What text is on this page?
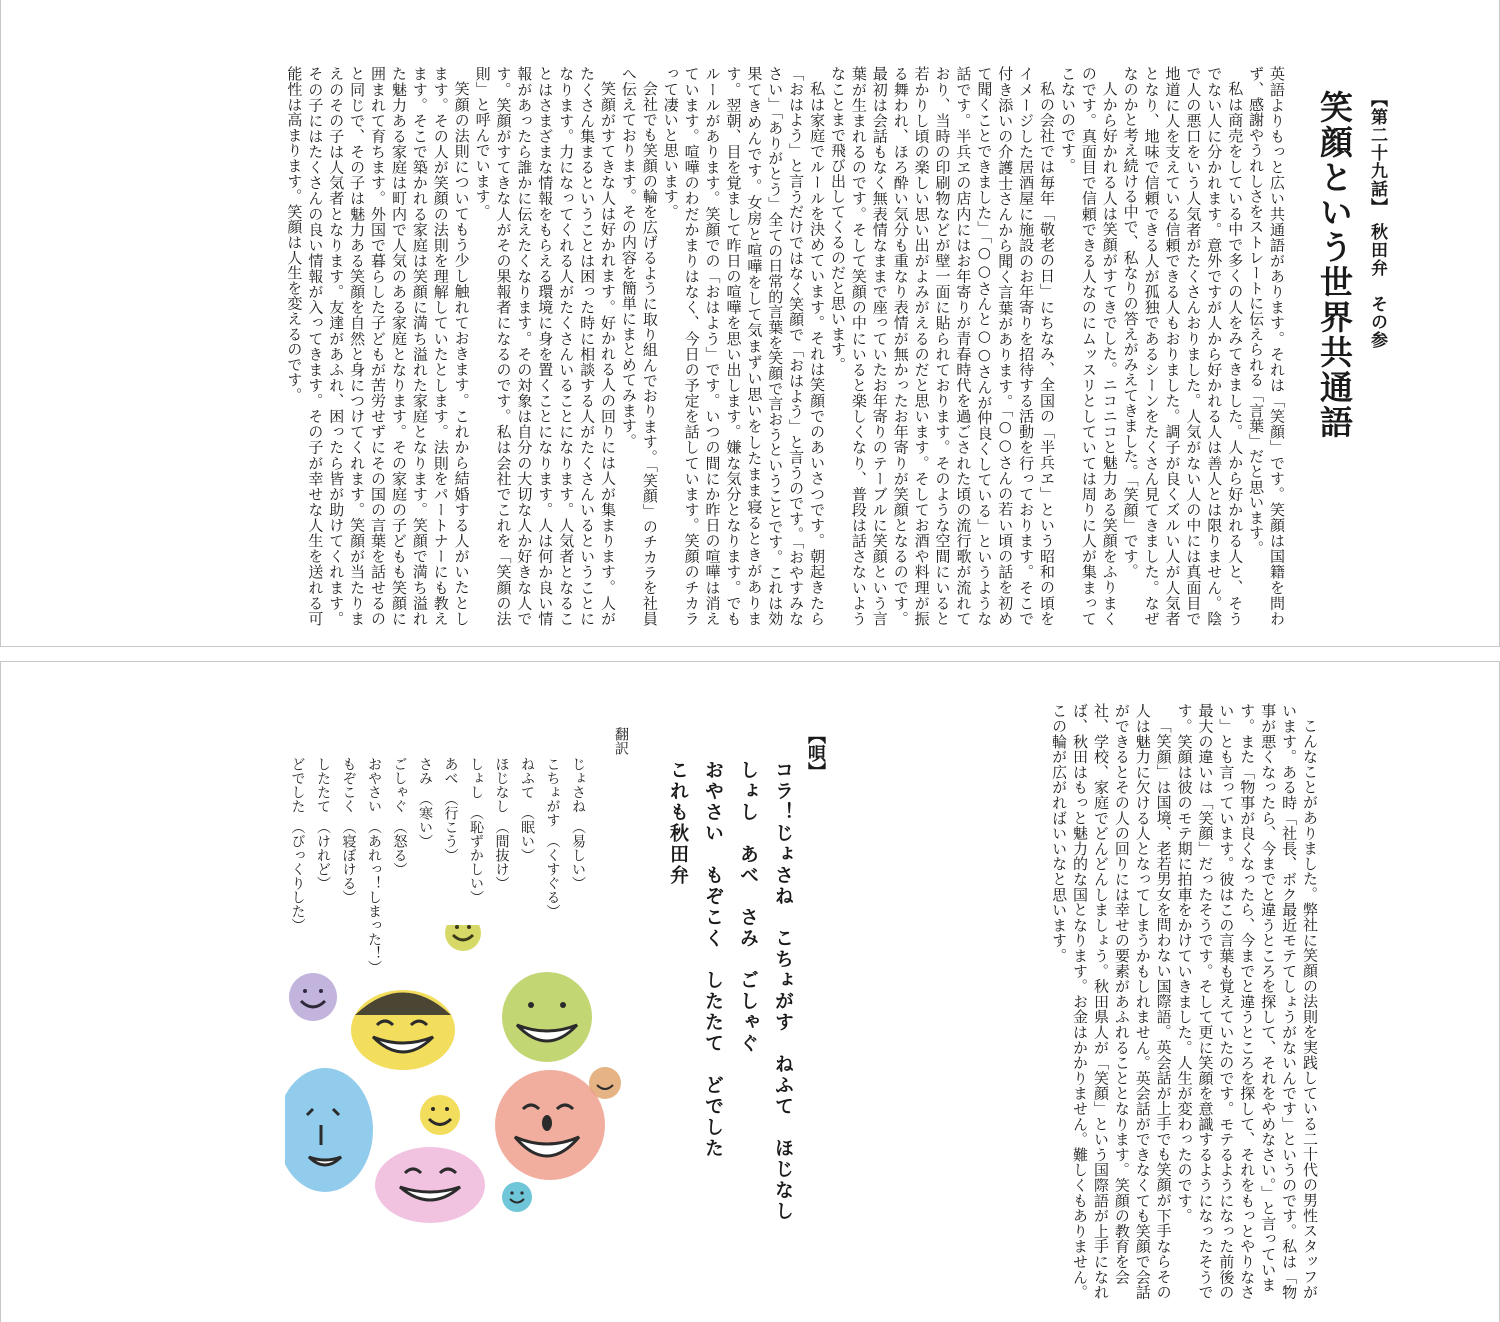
【第二十九話】 秋田弁　その参
笑顔という世界共通語

英語よりもっと広い共通語があります。それは「笑顔」です。笑顔は国籍を問わず、感謝やうれしさをストレートに伝えられる「言葉」だと思います。

私は商売をしている中で多くの人をみてきました。人から好かれる人と、そうでない人に分かれます。意外ですが人から好かれる人は善人とは限りません。陰で人の悪口をいう人気者がたくさんおりました。人気がない人の中には真面目で地道に人を支えている信頼できる人もおりました。調子が良くズルい人が人気者となり、地味で信頼できる人が孤独であるシーンをたくさん見てきました。なぜなのかと考え続ける中で、私なりの答えがみえてきました。「笑顔」です。

人から好かれる人は笑顔がすてきでした。ニコニコと魅力ある笑顔をふりまくのです。真面目で信頼できる人なのにムッスリとしていては周りに人が集まってこないのです。

私の会社では毎年「敬老の日」にちなみ、全国の「半兵ヱ」という昭和の頃をイメージした居酒屋に施設のお年寄りを招待する活動を行っております。そこで付き添いの介護士さんから聞く言葉があります。「○○さんの若い頃の話を初めて聞くことできました」「○○さんと○○さんが仲良くしている」というような話です。半兵ヱの店内にはお年寄りが青春時代を過ごされた頃の流行歌が流れており、当時の印刷物などが壁一面に貼られております。そのような空間にいると若かりし頃の楽しい思い出がよみがえるのだと思います。そしてお酒や料理が振る舞われ、ほろ酔い気分も重なり表情が無かったお年寄りが笑顔となるのです。最初は会話もなく無表情なままで座っていたお年寄りのテーブルに笑顔という言葉が生まれるのです。そして笑顔の中にいると楽しくなり、普段は話さないようなことまで飛び出してくるのだと思います。

私は家庭でルールを決めています。それは笑顔でのあいさつです。朝起きたら「おはよう」と言うだけではなく笑顔で「おはよう」と言うのです。「おやすみなさい」「ありがとう」全ての日常的言葉を笑顔で言おうということです。これは効果てきめんです。女房と喧嘩をして気まずい思いをしたまま寝るときがあります。翌朝、目を覚まして昨日の喧嘩を思い出します。嫌な気分となります。でもルールがあります。笑顔での「おはよう」です。いつの間にか昨日の喧嘩は消えています。喧嘩のわだかまりはなく、今日の予定を話しています。笑顔のチカラって凄いと思います。

会社でも笑顔の輪を広げるように取り組んでおります。「笑顔」のチカラを社員へ伝えております。その内容を簡単にまとめてみます。

笑顔がすてきな人は好かれます。好かれる人の回りには人が集まります。人がたくさん集まるということは困った時に相談する人がたくさんいるということになります。力になってくれる人がたくさんいることになります。人気者となることはさまざまな情報をもらえる環境に身を置くことになります。人は何か良い情報があったら誰かに伝えたくなります。その対象は自分の大切な人か好きな人です。笑顔がすてきな人がその果報者になるのです。私は会社でこれを「笑顔の法則」と呼んでいます。

笑顔の法則についてもう少し触れておきます。これから結婚する人がいたとします。その人が笑顔の法則を理解していたとします。法則をパートナーにも教えます。そこで築かれる家庭は笑顔に満ち溢れた家庭となります。笑顔で満ち溢れた魅力ある家庭は町内で人気のある家庭となります。その家庭の子どもも笑顔に囲まれて育ちます。外国で暮らした子どもが苦労せずにその国の言葉を話せるのと同じで、その子は魅力ある笑顔を自然と身につけてくれます。笑顔が当たりまえのその子は人気者となります。友達があふれ、困ったら皆が助けてくれます。その子にはたくさんの良い情報が入ってきます。その子が幸せな人生を送れる可能性は高まります。笑顔は人生を変えるのです。

こんなことがありました。弊社に笑顔の法則を実践している二十代の男性スタッフがいます。ある時「社長、ボク最近モテてしょうがないんです」というのです。私は「物事が悪くなったら、今までと違うところを探して、それをやめなさい。」と言っています。また「物事が良くなったら、今までと違うところを探して、それをもっとやりなさい」とも言っています。彼はこの言葉も覚えていたのです。モテるようになった前後の最大の違いは「笑顔」だったそうです。そして更に笑顔を意識するようになったそうです。笑顔は彼のモテ期に拍車をかけていきました。人生が変わったのです。

「笑顔」は国境、老若男女を問わない国際語。英会話が上手でも笑顔が下手ならその人は魅力に欠ける人となってしまうかもしれません。英会話ができなくても笑顔で会話ができるとその人の回りには幸せの要素があふれることとなります。笑顔の教育を会社、学校、家庭でどんどんしましょう。秋田県人が「笑顔」という国際語が上手になれば、秋田はもっと魅力的な国となります。お金はかかりません。難しくもありません。この輪が広がればいいなと思います。

【唄】
コラ！じょさね　こちょがす　ねふて　ほじなし
しょし　あべ　さみ　ごしゃぐ
おやさい　もぞこく　したたて　どでした
これも秋田弁
翻訳
じょさね　（易しい）
こちょがす　（くすぐる）
ねふて　（眠い）
ほじなし　（間抜け）
しょし　（恥ずかしい）
あべ　（行こう）
さみ　（寒い）
ごしゃぐ　（怒る）
おやさい　（あれっ！しまった！）
もぞこく　（寝ぼける）
したたて　（けれど）
どでした　（びっくりした）
